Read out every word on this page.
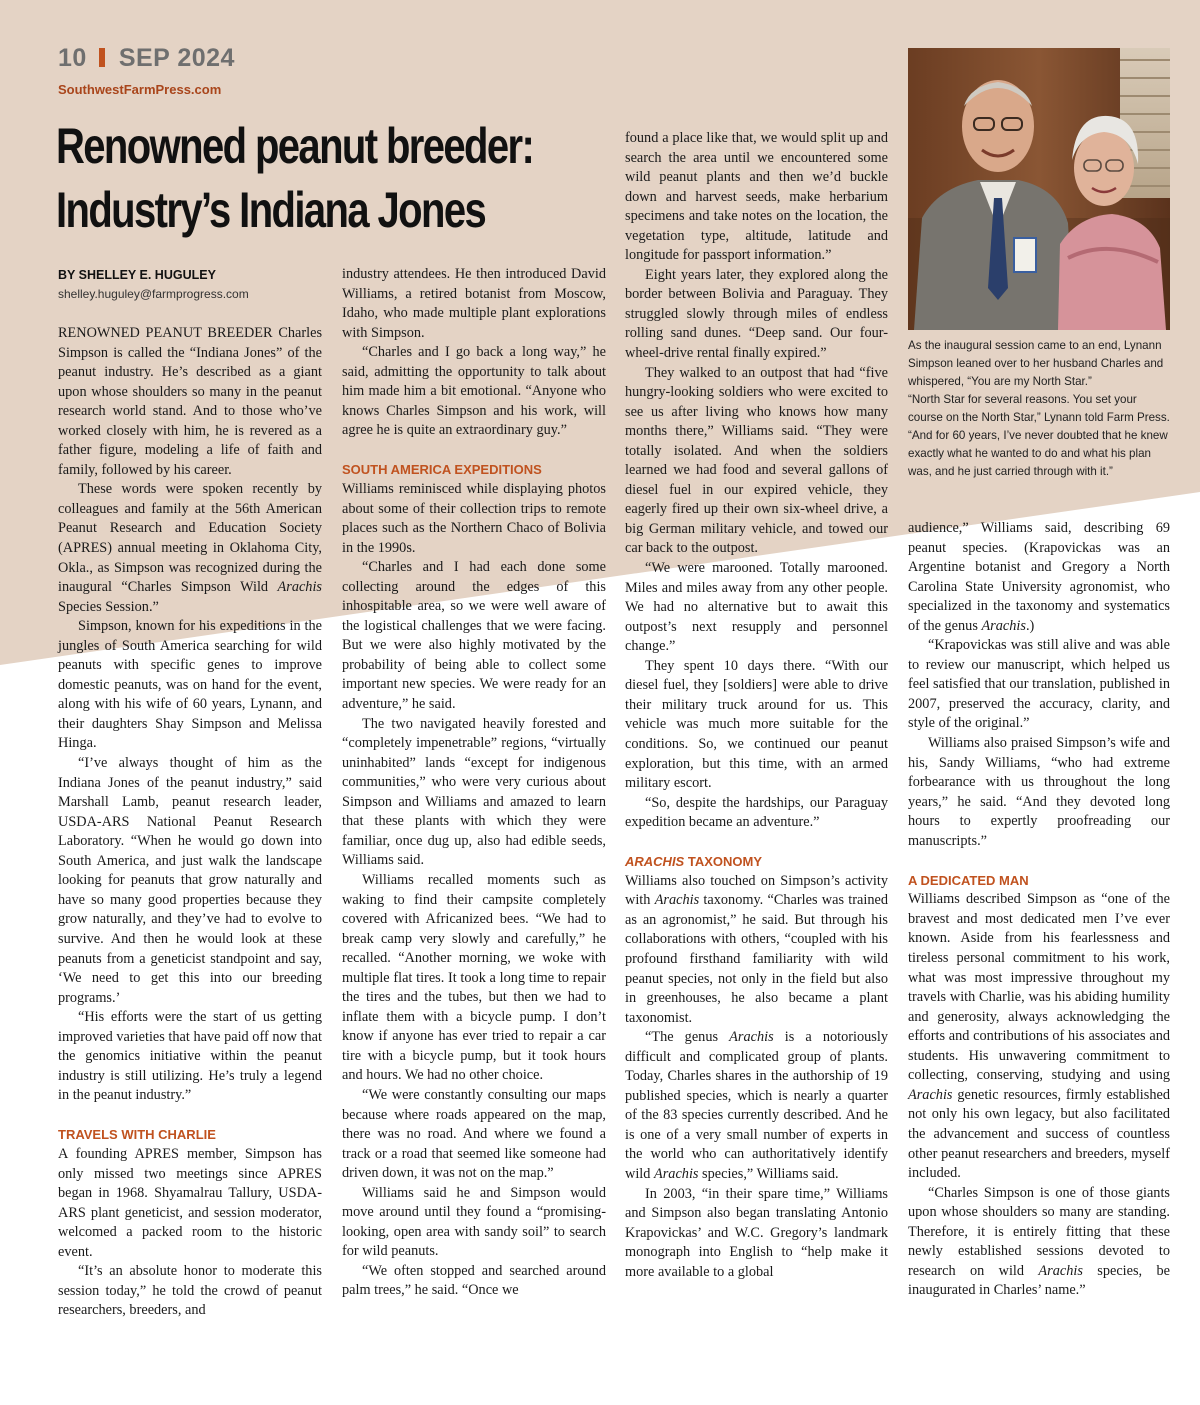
10 SEP 2024
SouthwestFarmPress.com
Renowned peanut breeder:
Industry’s Indiana Jones
BY SHELLEY E. HUGULEY
shelley.huguley@farmprogress.com
As the inaugural session came to an end, Lynann Simpson leaned over to her husband Charles and whispered, “You are my North Star.”
“North Star for several reasons. You set your course on the North Star,” Lynann told Farm Press. “And for 60 years, I’ve never doubted that he knew exactly what he wanted to do and what his plan was, and he just carried through with it.”

RENOWNED PEANUT BREEDER Charles Simpson is called the “Indiana Jones” of the peanut industry. He’s described as a giant upon whose shoulders so many in the peanut research world stand. And to those who’ve worked closely with him, he is revered as a father figure, modeling a life of faith and family, followed by his career.

These words were spoken recently by colleagues and family at the 56th American Peanut Research and Education Society (APRES) annual meeting in Oklahoma City, Okla., as Simpson was recognized during the inaugural “Charles Simpson Wild Arachis Species Session.”

Simpson, known for his expeditions in the jungles of South America searching for wild peanuts with specific genes to improve domestic peanuts, was on hand for the event, along with his wife of 60 years, Lynann, and their daughters Shay Simpson and Melissa Hinga.

“I’ve always thought of him as the Indiana Jones of the peanut industry,” said Marshall Lamb, peanut research leader, USDA-ARS National Peanut Research Laboratory. “When he would go down into South America, and just walk the landscape looking for peanuts that grow naturally and have so many good properties because they grow naturally, and they’ve had to evolve to survive. And then he would look at these peanuts from a geneticist standpoint and say, ‘We need to get this into our breeding programs.’

“His efforts were the start of us getting improved varieties that have paid off now that the genomics initiative within the peanut industry is still utilizing. He’s truly a legend in the peanut industry.”

TRAVELS WITH CHARLIE

A founding APRES member, Simpson has only missed two meetings since APRES began in 1968. Shyamalrau Tallury, USDA-ARS plant geneticist, and session moderator, welcomed a packed room to the historic event.

“It’s an absolute honor to moderate this session today,” he told the crowd of peanut researchers, breeders, and

industry attendees. He then introduced David Williams, a retired botanist from Moscow, Idaho, who made multiple plant explorations with Simpson.

“Charles and I go back a long way,” he said, admitting the opportunity to talk about him made him a bit emotional. “Anyone who knows Charles Simpson and his work, will agree he is quite an extraordinary guy.”

SOUTH AMERICA EXPEDITIONS

Williams reminisced while displaying photos about some of their collection trips to remote places such as the Northern Chaco of Bolivia in the 1990s.

“Charles and I had each done some collecting around the edges of this inhospitable area, so we were well aware of the logistical challenges that we were facing. But we were also highly motivated by the probability of being able to collect some important new species. We were ready for an adventure,” he said.

The two navigated heavily forested and “completely impenetrable” regions, “virtually uninhabited” lands “except for indigenous communities,” who were very curious about Simpson and Williams and amazed to learn that these plants with which they were familiar, once dug up, also had edible seeds, Williams said.

Williams recalled moments such as waking to find their campsite completely covered with Africanized bees. “We had to break camp very slowly and carefully,” he recalled. “Another morning, we woke with multiple flat tires. It took a long time to repair the tires and the tubes, but then we had to inflate them with a bicycle pump. I don’t know if anyone has ever tried to repair a car tire with a bicycle pump, but it took hours and hours. We had no other choice.

“We were constantly consulting our maps because where roads appeared on the map, there was no road. And where we found a track or a road that seemed like someone had driven down, it was not on the map.”

Williams said he and Simpson would move around until they found a “promising-looking, open area with sandy soil” to search for wild peanuts.

“We often stopped and searched around palm trees,” he said. “Once we

found a place like that, we would split up and search the area until we encountered some wild peanut plants and then we’d buckle down and harvest seeds, make herbarium specimens and take notes on the location, the vegetation type, altitude, latitude and longitude for passport information.”

Eight years later, they explored along the border between Bolivia and Paraguay. They struggled slowly through miles of endless rolling sand dunes. “Deep sand. Our four-wheel-drive rental finally expired.”

They walked to an outpost that had “five hungry-looking soldiers who were excited to see us after living who knows how many months there,” Williams said. “They were totally isolated. And when the soldiers learned we had food and several gallons of diesel fuel in our expired vehicle, they eagerly fired up their own six-wheel drive, a big German military vehicle, and towed our car back to the outpost.

“We were marooned. Totally marooned. Miles and miles away from any other people. We had no alternative but to await this outpost’s next resupply and personnel change.”

They spent 10 days there. “With our diesel fuel, they [soldiers] were able to drive their military truck around for us. This vehicle was much more suitable for the conditions. So, we continued our peanut exploration, but this time, with an armed military escort.

“So, despite the hardships, our Paraguay expedition became an adventure.”

ARACHIS TAXONOMY

Williams also touched on Simpson’s activity with Arachis taxonomy. “Charles was trained as an agronomist,” he said. But through his collaborations with others, “coupled with his profound firsthand familiarity with wild peanut species, not only in the field but also in greenhouses, he also became a plant taxonomist.

“The genus Arachis is a notoriously difficult and complicated group of plants. Today, Charles shares in the authorship of 19 published species, which is nearly a quarter of the 83 species currently described. And he is one of a very small number of experts in the world who can authoritatively identify wild Arachis species,” Williams said.

In 2003, “in their spare time,” Williams and Simpson also began translating Antonio Krapovickas’ and W.C. Gregory’s landmark monograph into English to “help make it more available to a global

audience,” Williams said, describing 69 peanut species. (Krapovickas was an Argentine botanist and Gregory a North Carolina State University agronomist, who specialized in the taxonomy and systematics of the genus Arachis.)

“Krapovickas was still alive and was able to review our manuscript, which helped us feel satisfied that our translation, published in 2007, preserved the accuracy, clarity, and style of the original.”

Williams also praised Simpson’s wife and his, Sandy Williams, “who had extreme forbearance with us throughout the long years,” he said. “And they devoted long hours to expertly proofreading our manuscripts.”

A DEDICATED MAN

Williams described Simpson as “one of the bravest and most dedicated men I’ve ever known. Aside from his fearlessness and tireless personal commitment to his work, what was most impressive throughout my travels with Charlie, was his abiding humility and generosity, always acknowledging the efforts and contributions of his associates and students. His unwavering commitment to collecting, conserving, studying and using Arachis genetic resources, firmly established not only his own legacy, but also facilitated the advancement and success of countless other peanut researchers and breeders, myself included.

“Charles Simpson is one of those giants upon whose shoulders so many are standing. Therefore, it is entirely fitting that these newly established sessions devoted to research on wild Arachis species, be inaugurated in Charles’ name.”
